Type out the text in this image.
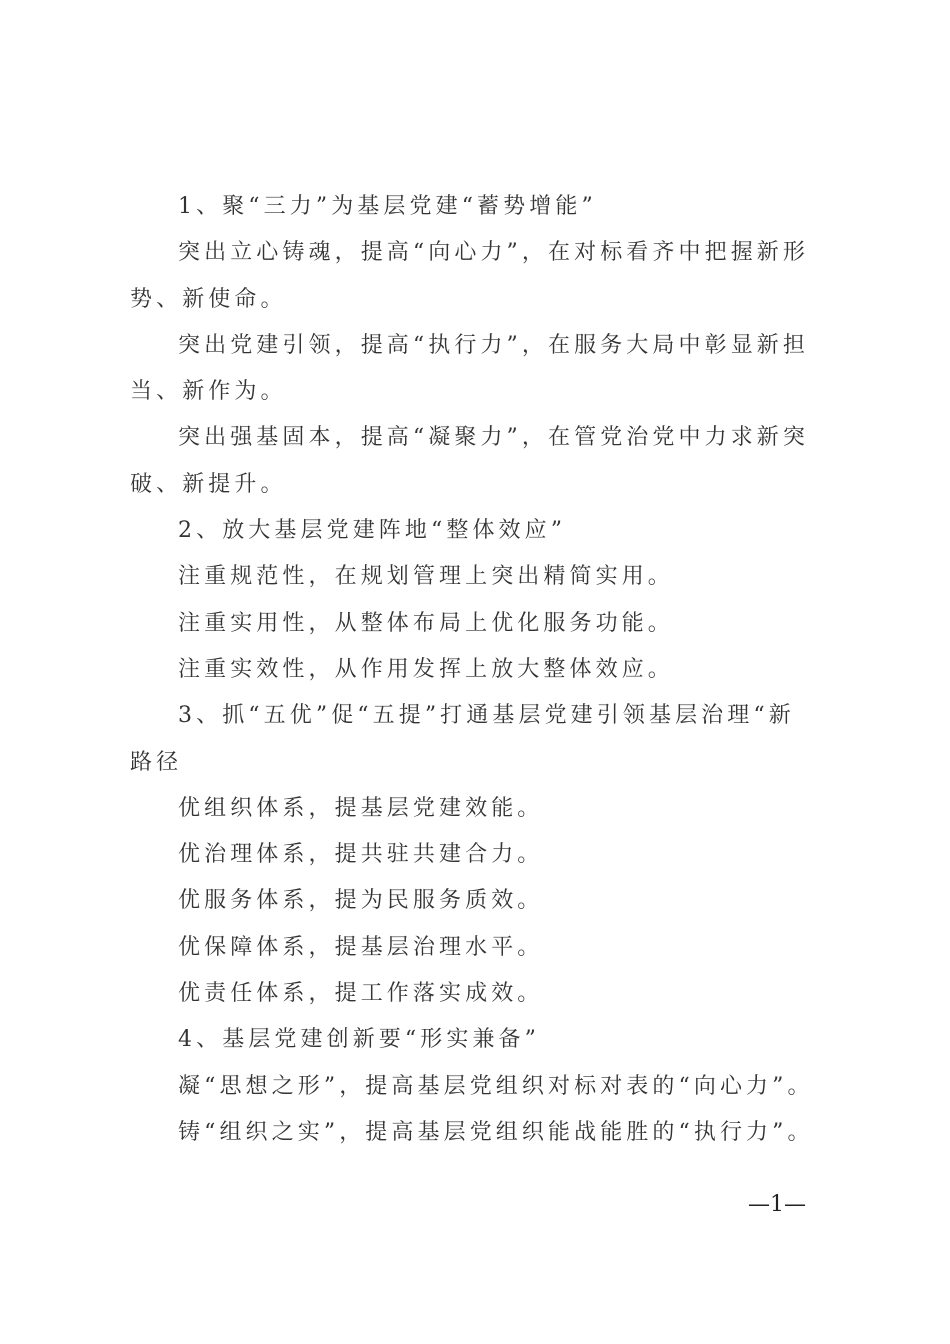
1、聚“三力”为基层党建“蓄势增能”
突出立心铸魂，提高“向心力”，在对标看齐中把握新形
势、新使命。
突出党建引领，提高“执行力”，在服务大局中彰显新担
当、新作为。
突出强基固本，提高“凝聚力”，在管党治党中力求新突
破、新提升。
2、放大基层党建阵地“整体效应”
注重规范性，在规划管理上突出精简实用。
注重实用性，从整体布局上优化服务功能。
注重实效性，从作用发挥上放大整体效应。
3、抓“五优”促“五提”打通基层党建引领基层治理“新
路径
优组织体系，提基层党建效能。
优治理体系，提共驻共建合力。
优服务体系，提为民服务质效。
优保障体系，提基层治理水平。
优责任体系，提工作落实成效。
4、基层党建创新要“形实兼备”
凝“思想之形”，提高基层党组织对标对表的“向心力”。
铸“组织之实”，提高基层党组织能战能胜的“执行力”。
—1—
